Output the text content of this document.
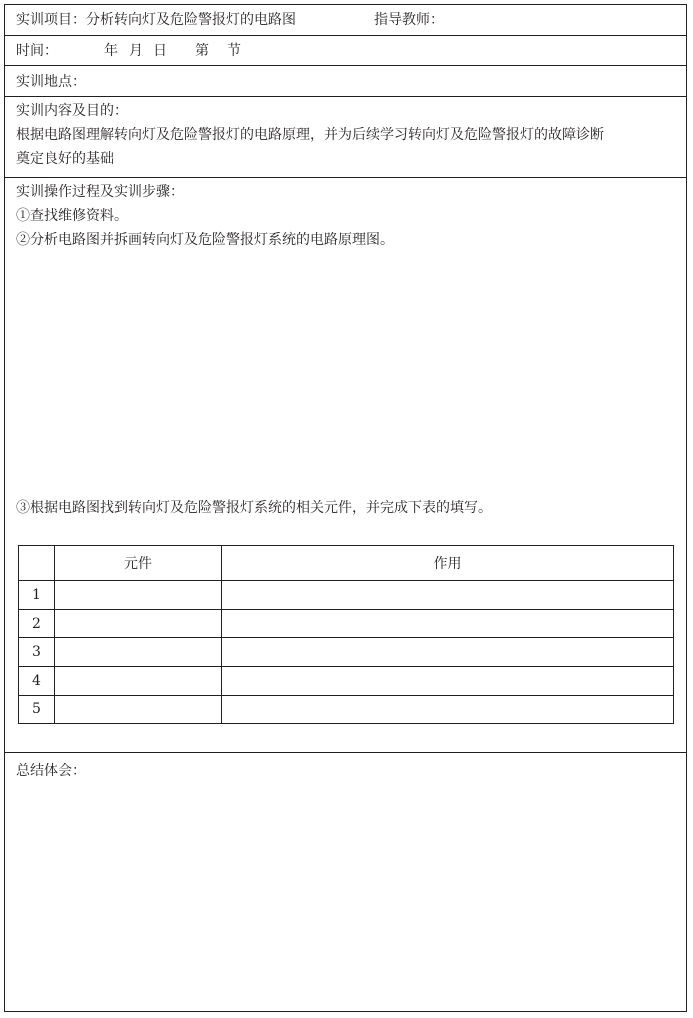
实训项目：分析转向灯及危险警报灯的电路图	指导教师：
时间：	年 月 日 第 节
实训地点：
实训内容及目的：
根据电路图理解转向灯及危险警报灯的电路原理，并为后续学习转向灯及危险警报灯的故障诊断
奠定良好的基础
实训操作过程及实训步骤：
①查找维修资料。
②分析电路图并拆画转向灯及危险警报灯系统的电路原理图。
③根据电路图找到转向灯及危险警报灯系统的相关元件，并完成下表的填写。
	元件	作用
1		
2		
3		
4		
5		
总结体会：
